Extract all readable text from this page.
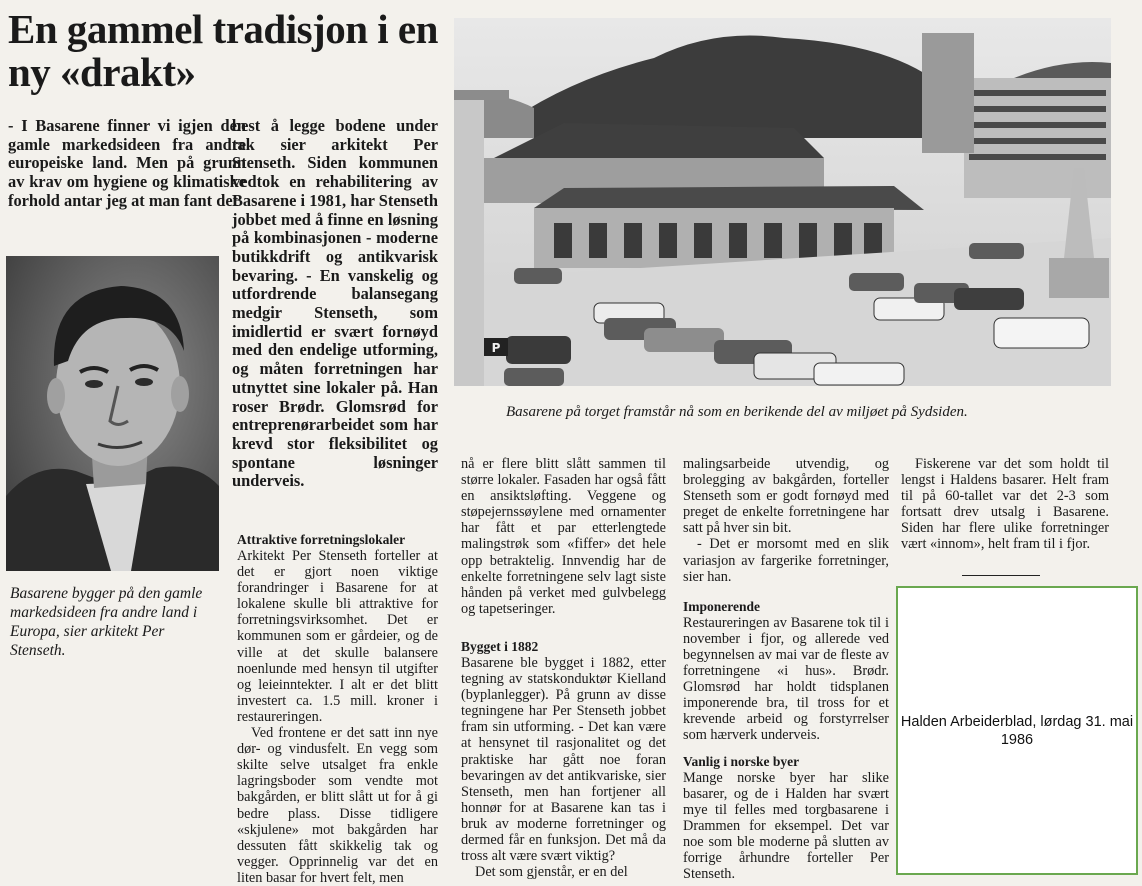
En gammel tradisjon i en ny «drakt»
- I Basarene finner vi igjen den gamle markedsideen fra andre europeiske land. Men på grunn av krav om hygiene og klimatiske forhold antar jeg at man fant det
best å legge bodene under tak sier arkitekt Per Stenseth. Siden kommunen vedtok en rehabilitering av Basarene i 1981, har Stenseth jobbet med å finne en løsning på kombinasjonen - moderne butikkdrift og antikvarisk bevaring. - En vanskelig og utfordrende balansegang medgir Stenseth, som imidlertid er svært fornøyd med den endelige utforming, og måten forretningen har utnyttet sine lokaler på. Han roser Brødr. Glomsrød for entreprenørarbeidet som har krevd stor fleksibilitet og spontane løsninger underveis.
P
Basarene på torget framstår nå som en berikende del av miljøet på Sydsiden.
Basarene bygger på den gamle markedsideen fra andre land i Europa, sier arkitekt Per Stenseth.

Attraktive forretningslokaler

Arkitekt Per Stenseth forteller at det er gjort noen viktige forandringer i Basarene for at lokalene skulle bli attraktive for forretningsvirksomhet. Det er kommunen som er gårdeier, og de ville at det skulle balansere noenlunde med hensyn til utgifter og leieinntekter. I alt er det blitt investert ca. 1.5 mill. kroner i restaureringen.

Ved frontene er det satt inn nye dør- og vindusfelt. En vegg som skilte selve utsalget fra enkle lagringsboder som vendte mot bakgården, er blitt slått ut for å gi bedre plass. Disse tidligere «skjulene» mot bakgården har dessuten fått skikkelig tak og vegger. Opprinnelig var det en liten basar for hvert felt, men

nå er flere blitt slått sammen til større lokaler. Fasaden har også fått en ansiktsløfting. Veggene og støpejernssøylene med ornamenter har fått et par etterlengtede malingstrøk som «fiffer» det hele opp betraktelig. Innvendig har de enkelte forretningene selv lagt siste hånden på verket med gulvbelegg og tapetseringer.

Bygget i 1882

Basarene ble bygget i 1882, etter tegning av statskonduktør Kielland (byplanlegger). På grunn av disse tegningene har Per Stenseth jobbet fram sin utforming. - Det kan være at hensynet til rasjonalitet og det praktiske har gått noe foran bevaringen av det antikvariske, sier Stenseth, men han fortjener all honnør for at Basarene kan tas i bruk av moderne forretninger og dermed får en funksjon. Det må da tross alt være svært viktig?

Det som gjenstår, er en del

malingsarbeide utvendig, og brolegging av bakgården, forteller Stenseth som er godt fornøyd med preget de enkelte forretningene har satt på hver sin bit.

- Det er morsomt med en slik variasjon av fargerike forretninger, sier han.

Imponerende

Restaureringen av Basarene tok til i november i fjor, og allerede ved begynnelsen av mai var de fleste av forretningene «i hus». Brødr. Glomsrød har holdt tidsplanen imponerende bra, til tross for et krevende arbeid og forstyrrelser som hærverk underveis.

Vanlig i norske byer

Mange norske byer har slike basarer, og de i Halden har svært mye til felles med torgbasarene i Drammen for eksempel. Det var noe som ble moderne på slutten av forrige århundre forteller Per Stenseth.

Fiskerene var det som holdt til lengst i Haldens basarer. Helt fram til på 60-tallet var det 2-3 som fortsatt drev utsalg i Basarene. Siden har flere ulike forretninger vært «innom», helt fram til i fjor.

Halden Arbeiderblad, lørdag 31. mai 1986
